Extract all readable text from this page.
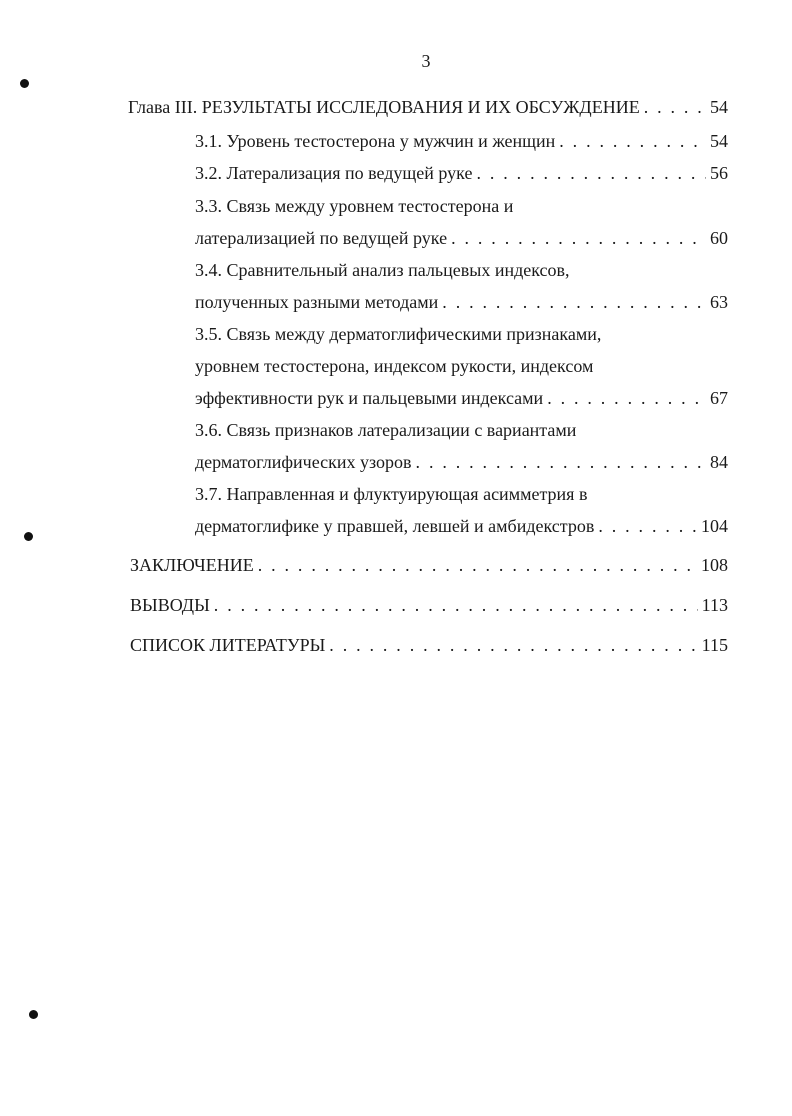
3
Глава III. РЕЗУЛЬТАТЫ ИССЛЕДОВАНИЯ И ИХ ОБСУЖДЕНИЕ . . .	54
3.1. Уровень тестостерона у мужчин и женщин . . .	54
3.2. Латерализация по ведущей руке . . .	56
3.3. Связь между уровнем тестостерона и
латерализацией по ведущей руке . . .	60
3.4. Сравнительный анализ пальцевых индексов,
полученных разными методами . . .	63
3.5. Связь между дерматоглифическими признаками,
уровнем тестостерона, индексом рукости, индексом
эффективности рук и пальцевыми индексами . . .	67
3.6. Связь признаков латерализации с вариантами
дерматоглифических узоров . . .	84
3.7. Направленная и флуктуирующая асимметрия в
дерматоглифике у правшей, левшей и амбидекстров . . .	104
ЗАКЛЮЧЕНИЕ . . .	108
ВЫВОДЫ . . .	113
СПИСОК ЛИТЕРАТУРЫ . . .	115
